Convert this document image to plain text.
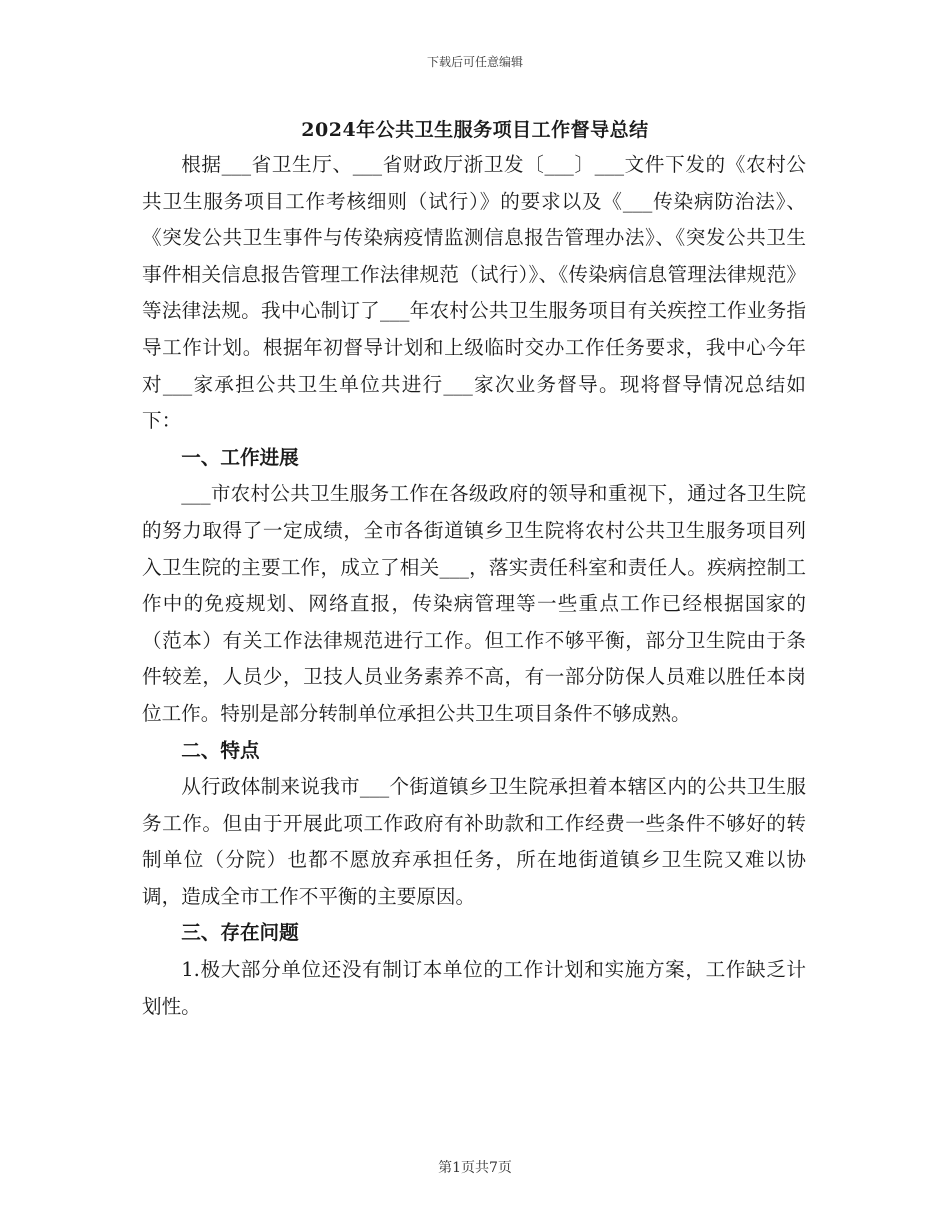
下载后可任意编辑
2024年公共卫生服务项目工作督导总结

根据___省卫生厅、___省财政厅浙卫发〔___〕___文件下发的《农村公共卫生服务项目工作考核细则（试行）》的要求以及《___传染病防治法》、《突发公共卫生事件与传染病疫情监测信息报告管理办法》、《突发公共卫生事件相关信息报告管理工作法律规范（试行）》、《传染病信息管理法律规范》等法律法规。我中心制订了___年农村公共卫生服务项目有关疾控工作业务指导工作计划。根据年初督导计划和上级临时交办工作任务要求，我中心今年对___家承担公共卫生单位共进行___家次业务督导。现将督导情况总结如下：

一、工作进展

___市农村公共卫生服务工作在各级政府的领导和重视下，通过各卫生院的努力取得了一定成绩，全市各街道镇乡卫生院将农村公共卫生服务项目列入卫生院的主要工作，成立了相关___，落实责任科室和责任人。疾病控制工作中的免疫规划、网络直报，传染病管理等一些重点工作已经根据国家的（范本）有关工作法律规范进行工作。但工作不够平衡，部分卫生院由于条件较差，人员少，卫技人员业务素养不高，有一部分防保人员难以胜任本岗位工作。特别是部分转制单位承担公共卫生项目条件不够成熟。

二、特点

从行政体制来说我市___个街道镇乡卫生院承担着本辖区内的公共卫生服务工作。但由于开展此项工作政府有补助款和工作经费一些条件不够好的转制单位（分院）也都不愿放弃承担任务，所在地街道镇乡卫生院又难以协调，造成全市工作不平衡的主要原因。

三、存在问题

1.极大部分单位还没有制订本单位的工作计划和实施方案，工作缺乏计划性。

第1页共7页
